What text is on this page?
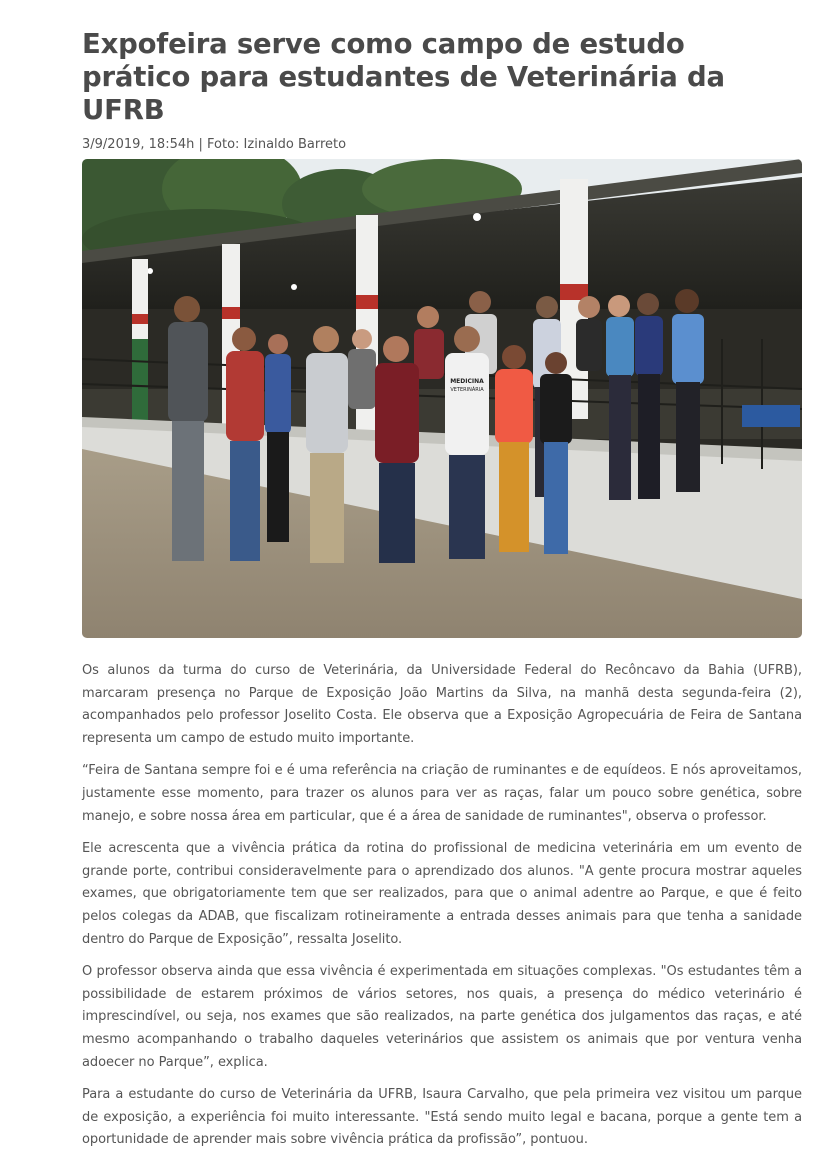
Expofeira serve como campo de estudo prático para estudantes de Veterinária da UFRB
3/9/2019, 18:54h | Foto: Izinaldo Barreto
MEDICINA
VETERINÁRIA

Os alunos da turma do curso de Veterinária, da Universidade Federal do Recôncavo da Bahia (UFRB), marcaram presença no Parque de Exposição João Martins da Silva, na manhã desta segunda-feira (2), acompanhados pelo professor Joselito Costa. Ele observa que a Exposição Agropecuária de Feira de Santana representa um campo de estudo muito importante.

“Feira de Santana sempre foi e é uma referência na criação de ruminantes e de equídeos. E nós aproveitamos, justamente esse momento, para trazer os alunos para ver as raças, falar um pouco sobre genética, sobre manejo, e sobre nossa área em particular, que é a área de sanidade de ruminantes", observa o professor.

Ele acrescenta que a vivência prática da rotina do profissional de medicina veterinária em um evento de grande porte, contribui consideravelmente para o aprendizado dos alunos. "A gente procura mostrar aqueles exames, que obrigatoriamente tem que ser realizados, para que o animal adentre ao Parque, e que é feito pelos colegas da ADAB, que fiscalizam rotineiramente a entrada desses animais para que tenha a sanidade dentro do Parque de Exposição”, ressalta Joselito.

O professor observa ainda que essa vivência é experimentada em situações complexas. "Os estudantes têm a possibilidade de estarem próximos de vários setores, nos quais, a presença do médico veterinário é imprescindível, ou seja, nos exames que são realizados, na parte genética dos julgamentos das raças, e até mesmo acompanhando o trabalho daqueles veterinários que assistem os animais que por ventura venha adoecer no Parque”, explica.

Para a estudante do curso de Veterinária da UFRB, Isaura Carvalho, que pela primeira vez visitou um parque de exposição, a experiência foi muito interessante. "Está sendo muito legal e bacana, porque a gente tem a oportunidade de aprender mais sobre vivência prática da profissão”, pontuou.
